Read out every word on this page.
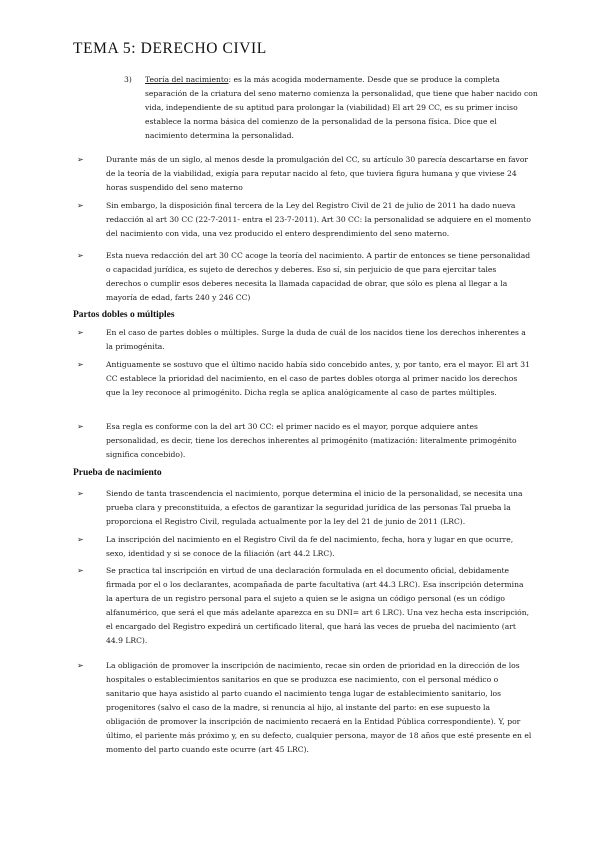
TEMA 5: DERECHO CIVIL
3) Teoría del nacimiento: es la más acogida modernamente. Desde que se produce la completa separación de la criatura del seno materno comienza la personalidad, que tiene que haber nacido con vida, independiente de su aptitud para prolongar la (viabilidad) El art 29 CC, es su primer inciso establece la norma básica del comienzo de la personalidad de la persona física. Dice que el nacimiento determina la personalidad.
➢	Durante más de un siglo, al menos desde la promulgación del CC, su artículo 30 parecía descartarse en favor de la teoría de la viabilidad, exigía para reputar nacido al feto, que tuviera figura humana y que viviese 24 horas suspendido del seno materno
➢	Sin embargo, la disposición final tercera de la Ley del Registro Civil de 21 de julio de 2011 ha dado nueva redacción al art 30 CC (22-7-2011- entra el 23-7-2011). Art 30 CC: la personalidad se adquiere en el momento del nacimiento con vida, una vez producido el entero desprendimiento del seno materno.
➢	Esta nueva redacción del art 30 CC acoge la teoría del nacimiento. A partir de entonces se tiene personalidad o capacidad jurídica, es sujeto de derechos y deberes. Eso sí, sin perjuicio de que para ejercitar tales derechos o cumplir esos deberes necesita la llamada capacidad de obrar, que sólo es plena al llegar a la mayoría de edad, farts 240 y 246 CC)
Partos dobles o múltiples
➢	En el caso de partes dobles o múltiples. Surge la duda de cuál de los nacidos tiene los derechos inherentes a la primogénita.
➢	Antiguamente se sostuvo que el último nacido había sido concebido antes, y, por tanto, era el mayor. El art 31 CC establece la prioridad del nacimiento, en el caso de partes dobles otorga al primer nacido los derechos que la ley reconoce al primogénito. Dicha regla se aplica analógicamente al caso de partes múltiples.
➢	Esa regla es conforme con la del art 30 CC: el primer nacido es el mayor, porque adquiere antes personalidad, es decir, tiene los derechos inherentes al primogénito (matización: literalmente primogénito significa concebido).
Prueba de nacimiento
➢	Siendo de tanta trascendencia el nacimiento, porque determina el inicio de la personalidad, se necesita una prueba clara y preconstituida, a efectos de garantizar la seguridad jurídica de las personas Tal prueba la proporciona el Registro Civil, regulada actualmente por la ley del 21 de junio de 2011 (LRC).
➢	La inscripción del nacimiento en el Registro Civil da fe del nacimiento, fecha, hora y lugar en que ocurre, sexo, identidad y si se conoce de la filiación (art 44.2 LRC).
➢	Se practica tal inscripción en virtud de una declaración formulada en el documento oficial, debidamente firmada por el o los declarantes, acompañada de parte facultativa (art 44.3 LRC). Esa inscripción determina la apertura de un registro personal para el sujeto a quien se le asigna un código personal (es un código alfanumérico, que será el que más adelante aparezca en su DNI= art 6 LRC). Una vez hecha esta inscripción, el encargado del Registro expedirá un certificado literal, que hará las veces de prueba del nacimiento (art 44.9 LRC).
➢	La obligación de promover la inscripción de nacimiento, recae sin orden de prioridad en la dirección de los hospitales o establecimientos sanitarios en que se produzca ese nacimiento, con el personal médico o sanitario que haya asistido al parto cuando el nacimiento tenga lugar de establecimiento sanitario, los progenitores (salvo el caso de la madre, si renuncia al hijo, al instante del parto: en ese supuesto la obligación de promover la inscripción de nacimiento recaerá en la Entidad Pública correspondiente). Y, por último, el pariente más próximo y, en su defecto, cualquier persona, mayor de 18 años que esté presente en el momento del parto cuando este ocurre (art 45 LRC).
